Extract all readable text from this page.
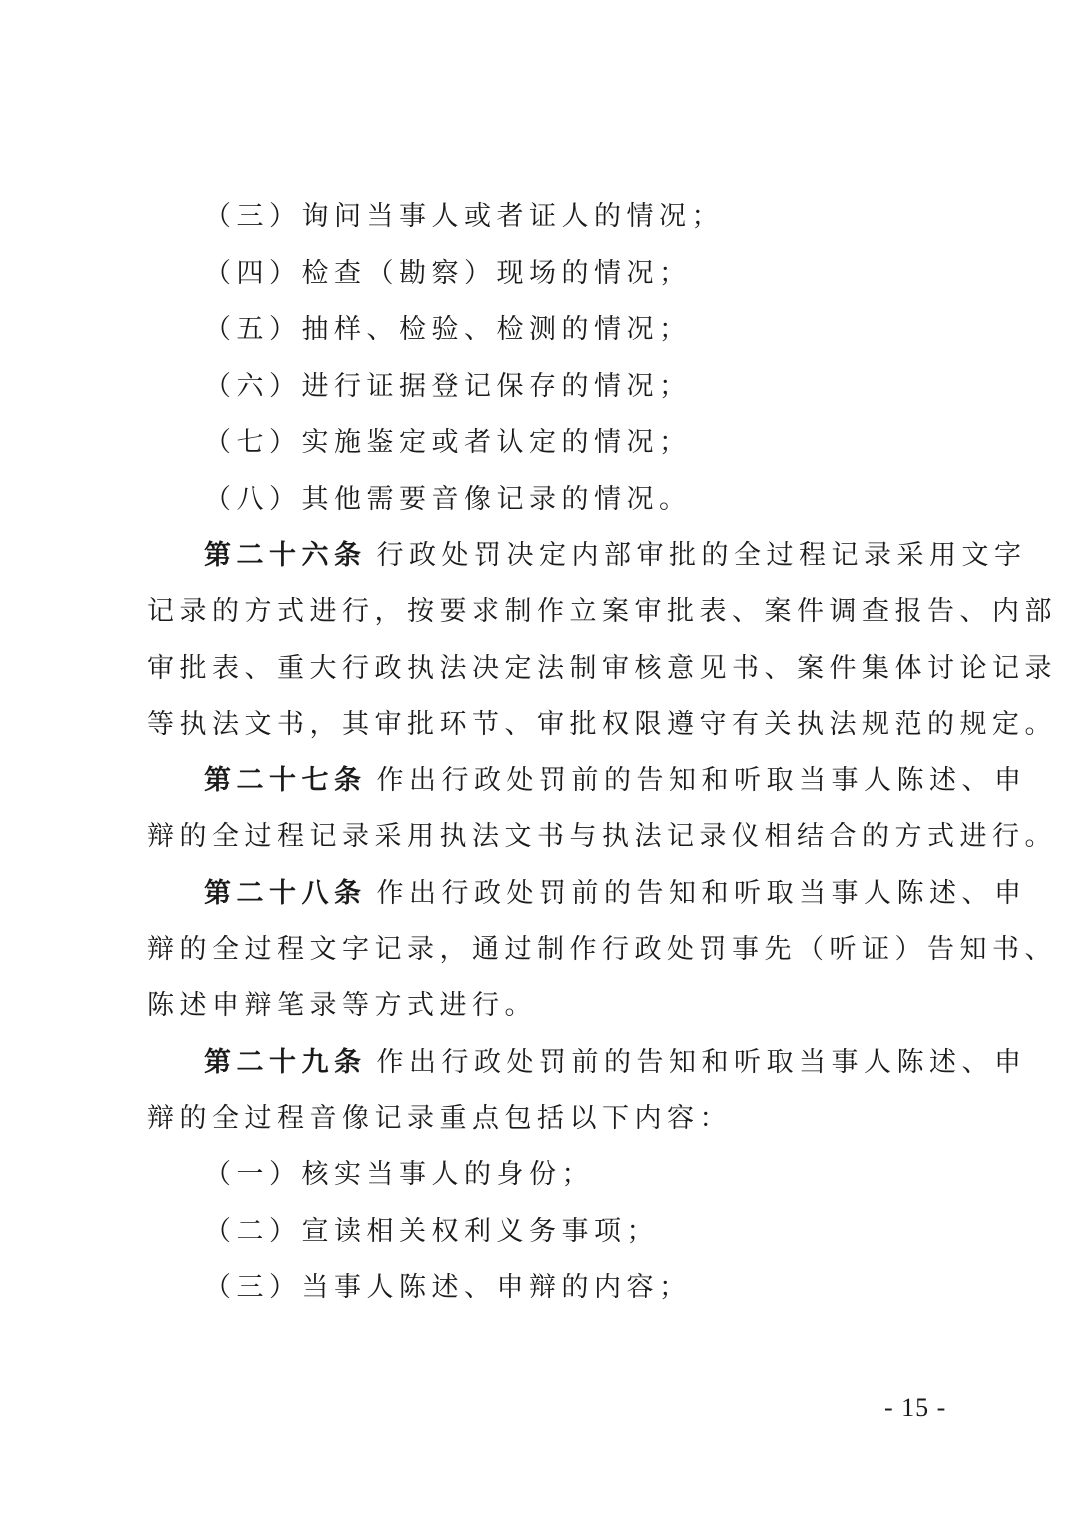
（三）询问当事人或者证人的情况；
（四）检查（勘察）现场的情况；
（五）抽样、检验、检测的情况；
（六）进行证据登记保存的情况；
（七）实施鉴定或者认定的情况；
（八）其他需要音像记录的情况。
第二十六条 行政处罚决定内部审批的全过程记录采用文字
记录的方式进行，按要求制作立案审批表、案件调查报告、内部
审批表、重大行政执法决定法制审核意见书、案件集体讨论记录
等执法文书，其审批环节、审批权限遵守有关执法规范的规定。
第二十七条 作出行政处罚前的告知和听取当事人陈述、申
辩的全过程记录采用执法文书与执法记录仪相结合的方式进行。
第二十八条 作出行政处罚前的告知和听取当事人陈述、申
辩的全过程文字记录，通过制作行政处罚事先（听证）告知书、
陈述申辩笔录等方式进行。
第二十九条 作出行政处罚前的告知和听取当事人陈述、申
辩的全过程音像记录重点包括以下内容：
（一）核实当事人的身份；
（二）宣读相关权利义务事项；
（三）当事人陈述、申辩的内容；
- 15 -
